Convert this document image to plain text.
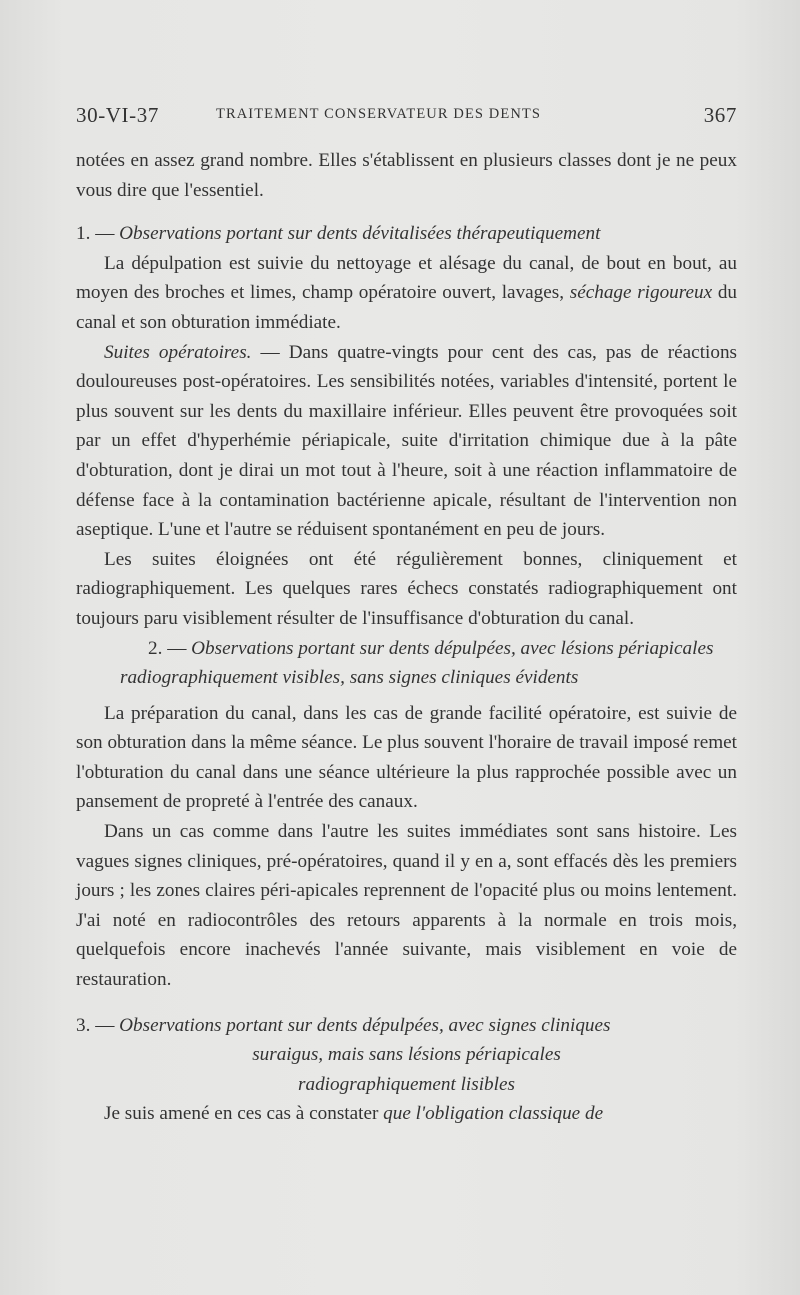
30-VI-37	TRAITEMENT CONSERVATEUR DES DENTS	367

notées en assez grand nombre. Elles s'établissent en plusieurs classes dont je ne peux vous dire que l'essentiel.

1. — Observations portant sur dents dévitalisées thérapeutiquement

La dépulpation est suivie du nettoyage et alésage du canal, de bout en bout, au moyen des broches et limes, champ opératoire ouvert, lavages, séchage rigoureux du canal et son obturation immédiate.

Suites opératoires. — Dans quatre-vingts pour cent des cas, pas de réactions douloureuses post-opératoires. Les sensibilités notées, variables d'intensité, portent le plus souvent sur les dents du maxillaire inférieur. Elles peuvent être provoquées soit par un effet d'hyperhémie périapicale, suite d'irritation chimique due à la pâte d'obturation, dont je dirai un mot tout à l'heure, soit à une réaction inflammatoire de défense face à la contamination bactérienne apicale, résultant de l'intervention non aseptique. L'une et l'autre se réduisent spontanément en peu de jours.

Les suites éloignées ont été régulièrement bonnes, cliniquement et radiographiquement. Les quelques rares échecs constatés radiographiquement ont toujours paru visiblement résulter de l'insuffisance d'obturation du canal.

2. — Observations portant sur dents dépulpées, avec lésions périapicales radiographiquement visibles, sans signes cliniques évidents

La préparation du canal, dans les cas de grande facilité opératoire, est suivie de son obturation dans la même séance. Le plus souvent l'horaire de travail imposé remet l'obturation du canal dans une séance ultérieure la plus rapprochée possible avec un pansement de propreté à l'entrée des canaux.

Dans un cas comme dans l'autre les suites immédiates sont sans histoire. Les vagues signes cliniques, pré-opératoires, quand il y en a, sont effacés dès les premiers jours ; les zones claires péri-apicales reprennent de l'opacité plus ou moins lentement. J'ai noté en radiocontrôles des retours apparents à la normale en trois mois, quelquefois encore inachevés l'année suivante, mais visiblement en voie de restauration.

3. — Observations portant sur dents dépulpées, avec signes cliniques
suraigus, mais sans lésions périapicales
radiographiquement lisibles

Je suis amené en ces cas à constater que l'obligation classique de
